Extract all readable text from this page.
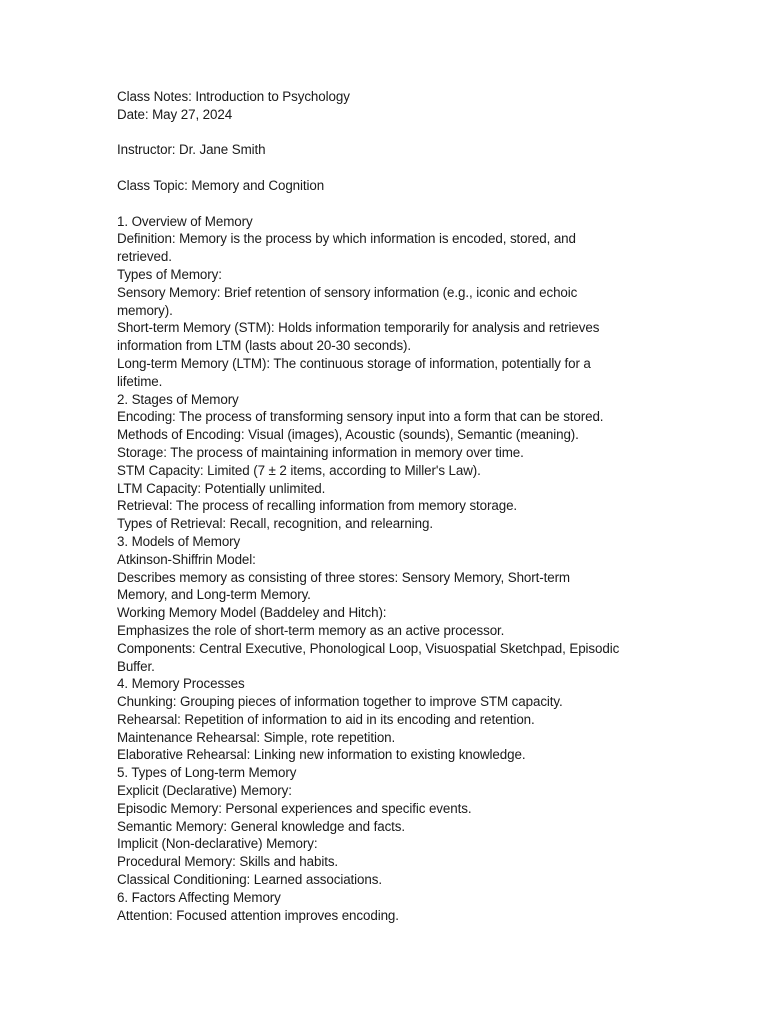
Class Notes: Introduction to Psychology
Date: May 27, 2024
Instructor: Dr. Jane Smith
Class Topic: Memory and Cognition
1. Overview of Memory
Definition: Memory is the process by which information is encoded, stored, and
retrieved.
Types of Memory:
Sensory Memory: Brief retention of sensory information (e.g., iconic and echoic
memory).
Short-term Memory (STM): Holds information temporarily for analysis and retrieves
information from LTM (lasts about 20-30 seconds).
Long-term Memory (LTM): The continuous storage of information, potentially for a
lifetime.
2. Stages of Memory
Encoding: The process of transforming sensory input into a form that can be stored.
Methods of Encoding: Visual (images), Acoustic (sounds), Semantic (meaning).
Storage: The process of maintaining information in memory over time.
STM Capacity: Limited (7 ± 2 items, according to Miller's Law).
LTM Capacity: Potentially unlimited.
Retrieval: The process of recalling information from memory storage.
Types of Retrieval: Recall, recognition, and relearning.
3. Models of Memory
Atkinson-Shiffrin Model:
Describes memory as consisting of three stores: Sensory Memory, Short-term
Memory, and Long-term Memory.
Working Memory Model (Baddeley and Hitch):
Emphasizes the role of short-term memory as an active processor.
Components: Central Executive, Phonological Loop, Visuospatial Sketchpad, Episodic
Buffer.
4. Memory Processes
Chunking: Grouping pieces of information together to improve STM capacity.
Rehearsal: Repetition of information to aid in its encoding and retention.
Maintenance Rehearsal: Simple, rote repetition.
Elaborative Rehearsal: Linking new information to existing knowledge.
5. Types of Long-term Memory
Explicit (Declarative) Memory:
Episodic Memory: Personal experiences and specific events.
Semantic Memory: General knowledge and facts.
Implicit (Non-declarative) Memory:
Procedural Memory: Skills and habits.
Classical Conditioning: Learned associations.
6. Factors Affecting Memory
Attention: Focused attention improves encoding.
